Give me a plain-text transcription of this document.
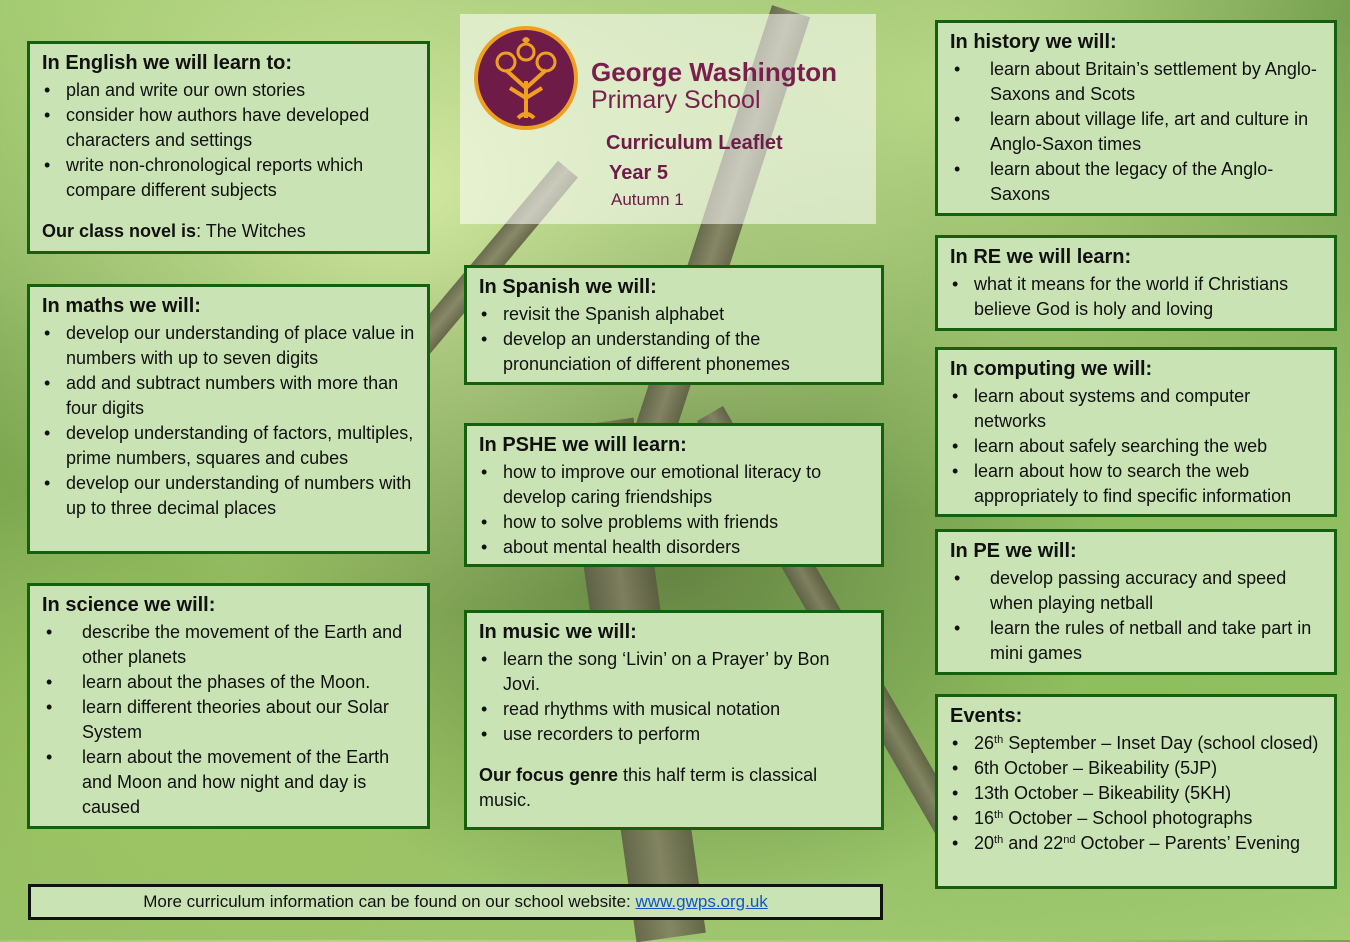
George Washington
Primary School
Curriculum Leaflet
Year 5
Autumn 1
In English we will learn to:
• plan and write our own stories
• consider how authors have developed characters and settings
• write non-chronological reports which compare different subjects
Our class novel is: The Witches
In maths we will:
• develop our understanding of place value in numbers with up to seven digits
• add and subtract numbers with more than four digits
• develop understanding of factors, multiples, prime numbers, squares and cubes
• develop our understanding of numbers with up to three decimal places
In science we will:
• describe the movement of the Earth and other planets
• learn about the phases of the Moon.
• learn different theories about our Solar System
• learn about the movement of the Earth and Moon and how night and day is caused
In Spanish we will:
• revisit the Spanish alphabet
• develop an understanding of the pronunciation of different phonemes
In PSHE we will learn:
• how to improve our emotional literacy to develop caring friendships
• how to solve problems with friends
• about mental health disorders
In music we will:
• learn the song ‘Livin’ on a Prayer’ by Bon Jovi.
• read rhythms with musical notation
• use recorders to perform
Our focus genre this half term is classical music.
In history we will:
• learn about Britain’s settlement by Anglo-Saxons and Scots
• learn about village life, art and culture in Anglo-Saxon times
• learn about the legacy of the Anglo-Saxons
In RE we will learn:
• what it means for the world if Christians believe God is holy and loving
In computing we will:
• learn about systems and computer networks
• learn about safely searching the web
• learn about how to search the web appropriately to find specific information
In PE we will:
• develop passing accuracy and speed when playing netball
• learn the rules of netball and take part in mini games
Events:
• 26th September – Inset Day (school closed)
• 6th October – Bikeability (5JP)
• 13th October – Bikeability (5KH)
• 16th October – School photographs
• 20th and 22nd October – Parents’ Evening
More curriculum information can be found on our school website: www.gwps.org.uk
